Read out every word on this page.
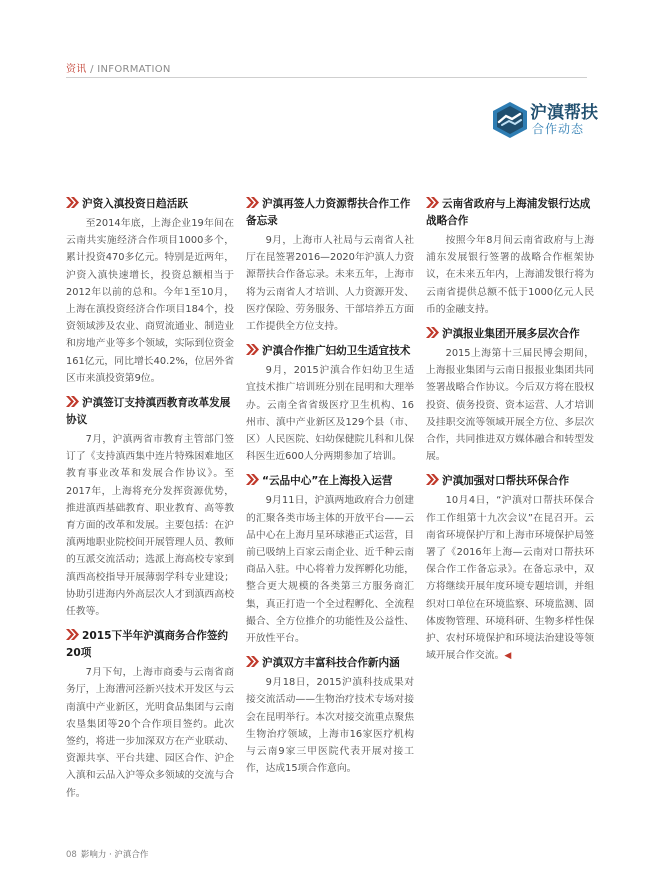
资讯 / INFORMATION
沪滇帮扶
合作动态
沪资入滇投资日趋活跃

至2014年底，上海企业19年间在云南共实施经济合作项目1000多个，累计投资470多亿元。特别是近两年，沪资入滇快速增长，投资总额相当于2012年以前的总和。今年1至10月，上海在滇投资经济合作项目184个，投资领域涉及农业、商贸流通业、制造业和房地产业等多个领域，实际到位资金161亿元，同比增长40.2%，位居外省区市来滇投资第9位。

沪滇签订支持滇西教育改革发展协议

7月，沪滇两省市教育主管部门签订了《支持滇西集中连片特殊困难地区教育事业改革和发展合作协议》。至2017年，上海将充分发挥资源优势，推进滇西基础教育、职业教育、高等教育方面的改革和发展。主要包括：在沪滇两地职业院校间开展管理人员、教师的互派交流活动；选派上海高校专家到滇西高校指导开展薄弱学科专业建设；协助引进海内外高层次人才到滇西高校任教等。

2015下半年沪滇商务合作签约20项

7月下旬，上海市商委与云南省商务厅，上海漕河泾新兴技术开发区与云南滇中产业新区，光明食品集团与云南农垦集团等20个合作项目签约。此次签约，将进一步加深双方在产业联动、资源共享、平台共建、园区合作、沪企入滇和云品入沪等众多领域的交流与合作。

沪滇再签人力资源帮扶合作工作备忘录

9月，上海市人社局与云南省人社厅在昆签署2016—2020年沪滇人力资源帮扶合作备忘录。未来五年，上海市将为云南省人才培训、人力资源开发、医疗保险、劳务服务、干部培养五方面工作提供全方位支持。

沪滇合作推广妇幼卫生适宜技术

9月，2015沪滇合作妇幼卫生适宜技术推广培训班分别在昆明和大理举办。云南全省省级医疗卫生机构、16州市、滇中产业新区及129个县（市、区）人民医院、妇幼保健院儿科和儿保科医生近600人分两期参加了培训。

“云品中心”在上海投入运营

9月11日，沪滇两地政府合力创建的汇聚各类市场主体的开放平台——云品中心在上海月星环球港正式运营，目前已吸纳上百家云南企业、近千种云南商品入驻。中心将着力发挥孵化功能，整合更大规模的各类第三方服务商汇集，真正打造一个全过程孵化、全流程撮合、全方位推介的功能性及公益性、开放性平台。

沪滇双方丰富科技合作新内涵

9月18日，2015沪滇科技成果对接交流活动——生物治疗技术专场对接会在昆明举行。本次对接交流重点聚焦生物治疗领域，上海市16家医疗机构与云南9家三甲医院代表开展对接工作，达成15项合作意向。

云南省政府与上海浦发银行达成战略合作

按照今年8月间云南省政府与上海浦东发展银行签署的战略合作框架协议，在未来五年内，上海浦发银行将为云南省提供总额不低于1000亿元人民币的金融支持。

沪滇报业集团开展多层次合作

2015上海第十三届民博会期间，上海报业集团与云南日报报业集团共同签署战略合作协议。今后双方将在股权投资、债务投资、资本运营、人才培训及挂职交流等领域开展全方位、多层次合作，共同推进双方媒体融合和转型发展。

沪滇加强对口帮扶环保合作

10月4日，“沪滇对口帮扶环保合作工作组第十九次会议”在昆召开。云南省环境保护厅和上海市环境保护局签署了《2016年上海—云南对口帮扶环保合作工作备忘录》。在备忘录中，双方将继续开展年度环境专题培训，并组织对口单位在环境监察、环境监测、固体废物管理、环境科研、生物多样性保护、农村环境保护和环境法治建设等领域开展合作交流。◀

08 影响力 · 沪滇合作
